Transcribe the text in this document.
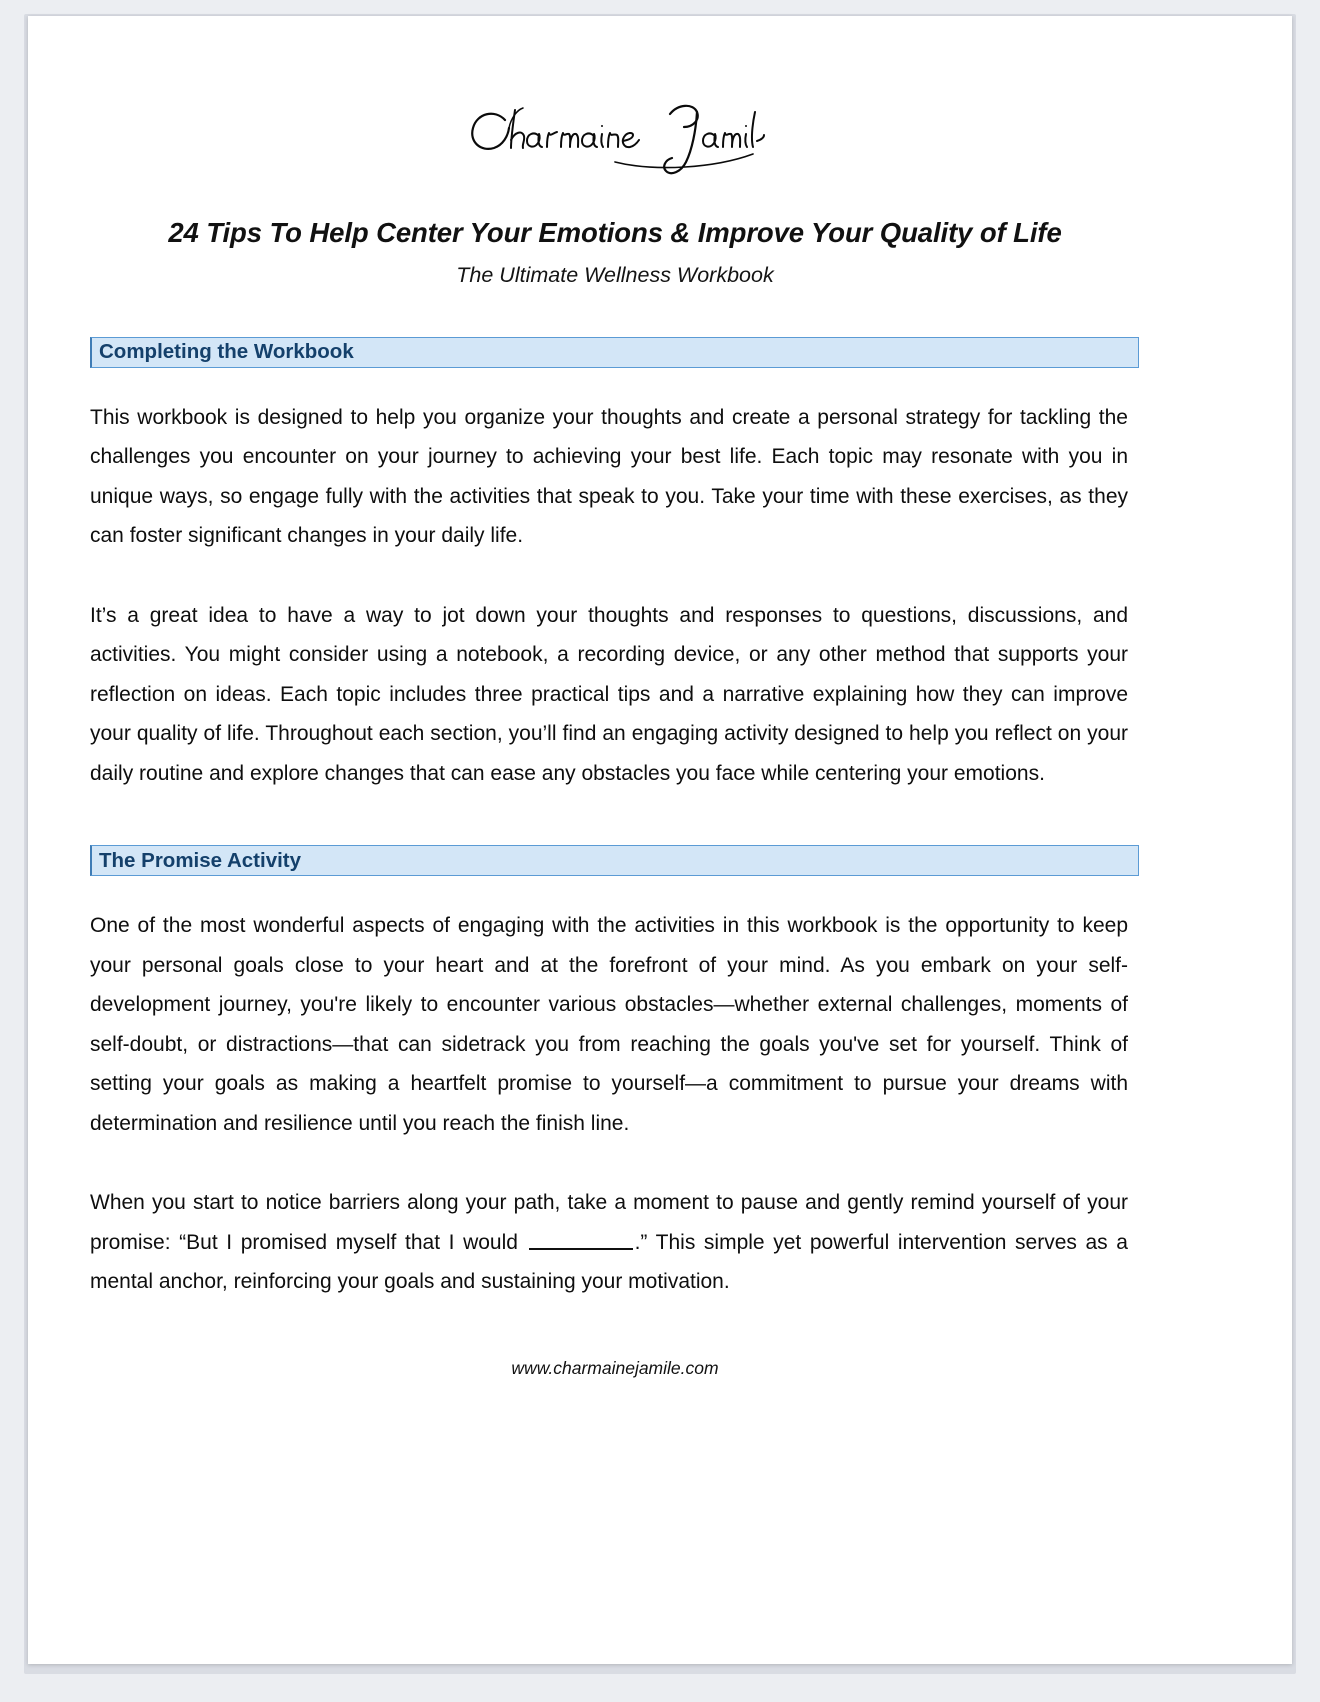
24 Tips To Help Center Your Emotions & Improve Your Quality of Life
The Ultimate Wellness Workbook
Completing the Workbook

This workbook is designed to help you organize your thoughts and create a personal strategy for tackling the challenges you encounter on your journey to achieving your best life. Each topic may resonate with you in unique ways, so engage fully with the activities that speak to you. Take your time with these exercises, as they can foster significant changes in your daily life.

It’s a great idea to have a way to jot down your thoughts and responses to questions, discussions, and activities. You might consider using a notebook, a recording device, or any other method that supports your reflection on ideas. Each topic includes three practical tips and a narrative explaining how they can improve your quality of life. Throughout each section, you’ll find an engaging activity designed to help you reflect on your daily routine and explore changes that can ease any obstacles you face while centering your emotions.

The Promise Activity

One of the most wonderful aspects of engaging with the activities in this workbook is the opportunity to keep your personal goals close to your heart and at the forefront of your mind. As you embark on your self-development journey, you're likely to encounter various obstacles—whether external challenges, moments of self-doubt, or distractions—that can sidetrack you from reaching the goals you've set for yourself. Think of setting your goals as making a heartfelt promise to yourself—a commitment to pursue your dreams with determination and resilience until you reach the finish line.

When you start to notice barriers along your path, take a moment to pause and gently remind yourself of your promise: “But I promised myself that I would	.” This simple yet powerful intervention serves as a mental anchor, reinforcing your goals and sustaining your motivation.

www.charmainejamile.com
